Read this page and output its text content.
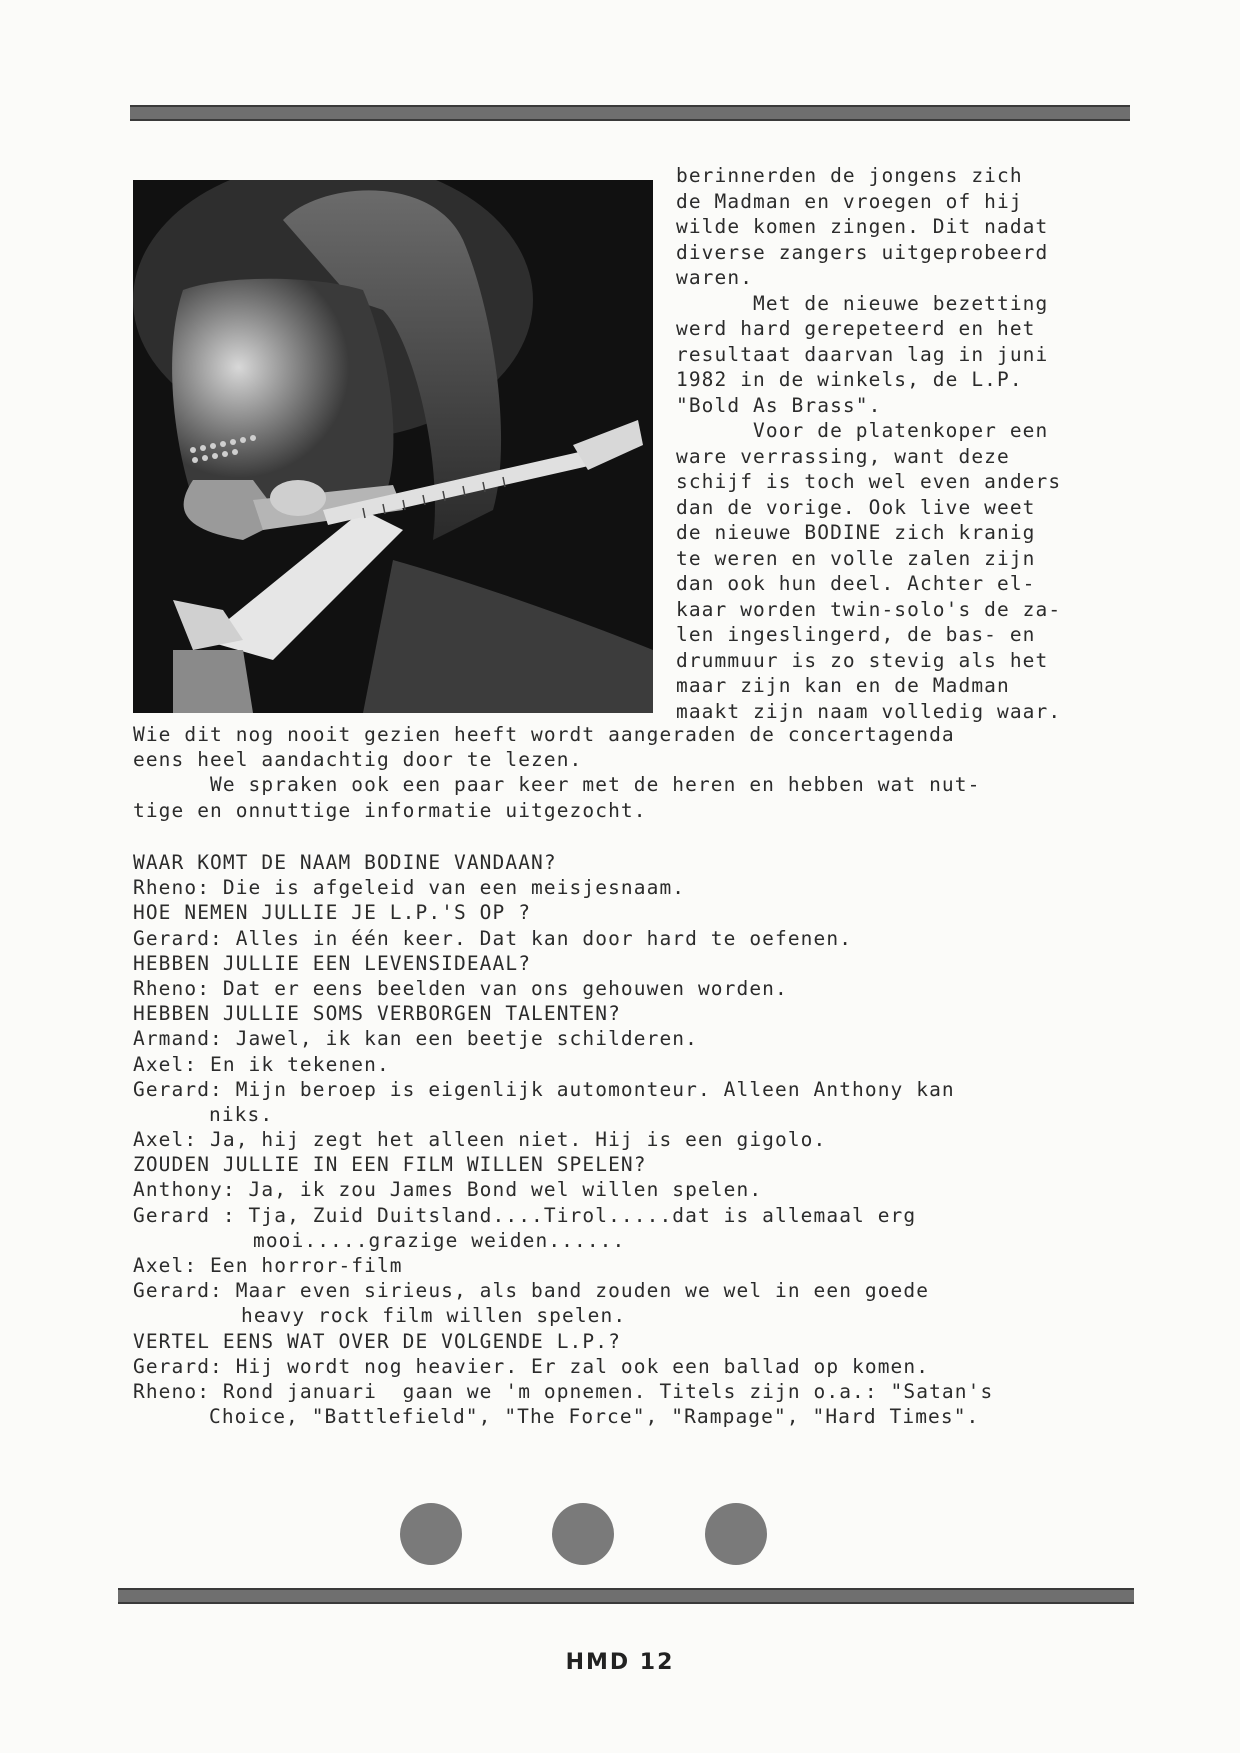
berinnerden de jongens zich
de Madman en vroegen of hij
wilde komen zingen. Dit nadat
diverse zangers uitgeprobeerd
waren.
Met de nieuwe bezetting
werd hard gerepeteerd en het
resultaat daarvan lag in juni
1982 in de winkels, de L.P.
"Bold As Brass".
Voor de platenkoper een
ware verrassing, want deze
schijf is toch wel even anders
dan de vorige. Ook live weet
de nieuwe BODINE zich kranig
te weren en volle zalen zijn
dan ook hun deel. Achter el-
kaar worden twin-solo's de za-
len ingeslingerd, de bas- en
drummuur is zo stevig als het
maar zijn kan en de Madman
maakt zijn naam volledig waar.
Wie dit nog nooit gezien heeft wordt aangeraden de concertagenda
eens heel aandachtig door te lezen.
We spraken ook een paar keer met de heren en hebben wat nut-
tige en onnuttige informatie uitgezocht.
WAAR KOMT DE NAAM BODINE VANDAAN?
Rheno: Die is afgeleid van een meisjesnaam.
HOE NEMEN JULLIE JE L.P.'S OP ?
Gerard: Alles in één keer. Dat kan door hard te oefenen.
HEBBEN JULLIE EEN LEVENSIDEAAL?
Rheno: Dat er eens beelden van ons gehouwen worden.
HEBBEN JULLIE SOMS VERBORGEN TALENTEN?
Armand: Jawel, ik kan een beetje schilderen.
Axel: En ik tekenen.
Gerard: Mijn beroep is eigenlijk automonteur. Alleen Anthony kan
niks.
Axel: Ja, hij zegt het alleen niet. Hij is een gigolo.
ZOUDEN JULLIE IN EEN FILM WILLEN SPELEN?
Anthony: Ja, ik zou James Bond wel willen spelen.
Gerard : Tja, Zuid Duitsland....Tirol.....dat is allemaal erg
mooi.....grazige weiden......
Axel: Een horror-film
Gerard: Maar even sirieus, als band zouden we wel in een goede
heavy rock film willen spelen.
VERTEL EENS WAT OVER DE VOLGENDE L.P.?
Gerard: Hij wordt nog heavier. Er zal ook een ballad op komen.
Rheno: Rond januari  gaan we 'm opnemen. Titels zijn o.a.: "Satan's
Choice, "Battlefield", "The Force", "Rampage", "Hard Times".
HMD 12
